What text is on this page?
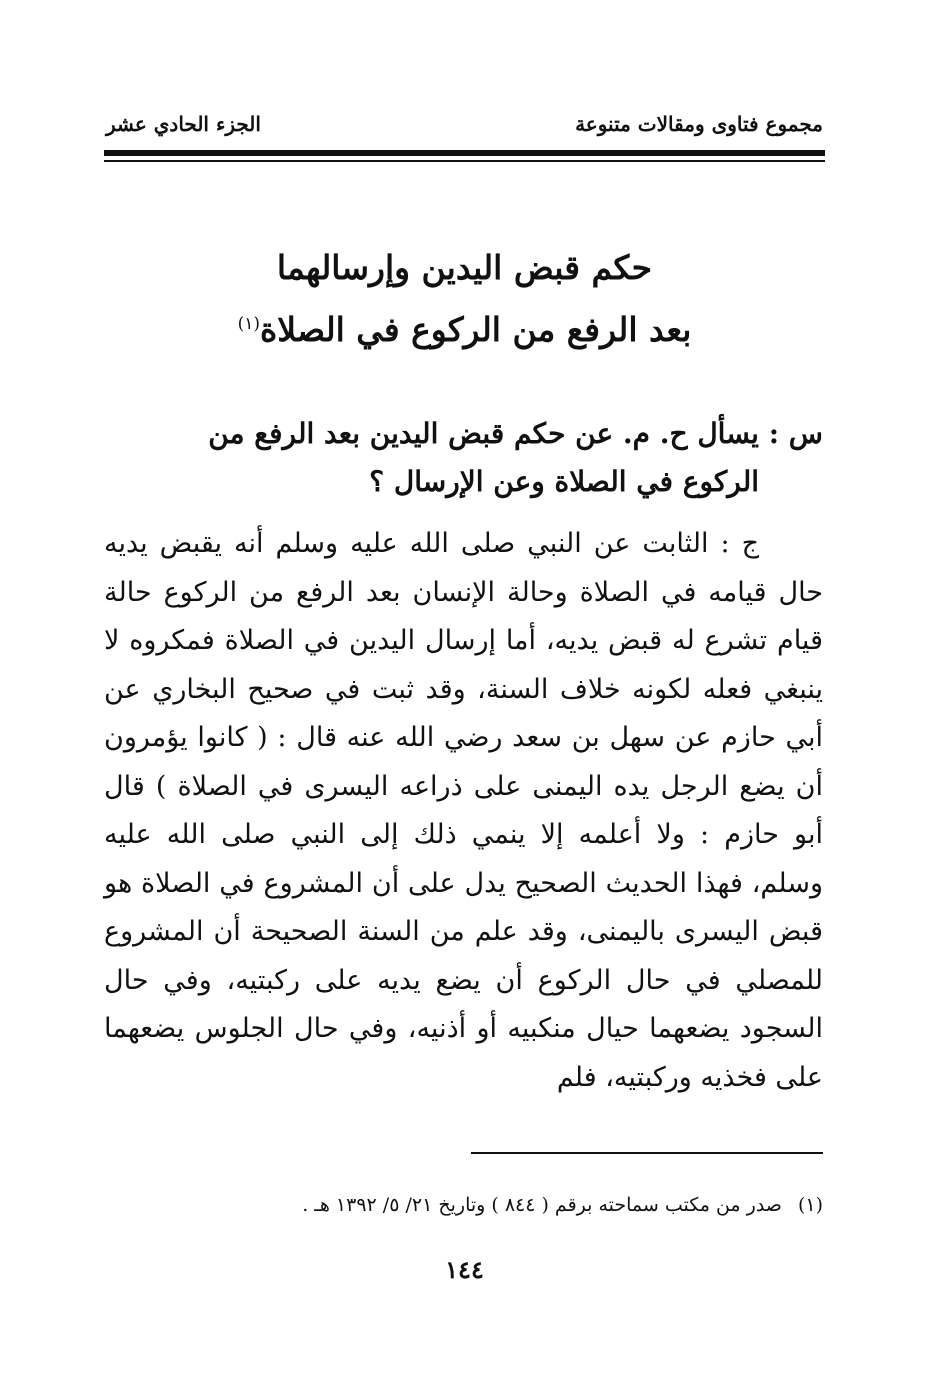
مجموع فتاوى ومقالات متنوعة
الجزء الحادي عشر
حكم قبض اليدين وإرسالهما
بعد الرفع من الركوع في الصلاة$^{(١)}$
س : يسأل ح. م. عن حكم قبض اليدين بعد الرفع من
الركوع في الصلاة وعن الإرسال ؟
ج : الثابت عن النبي صلى الله عليه وسلم أنه يقبض يديه حال قيامه في الصلاة وحالة الإنسان بعد الرفع من الركوع حالة قيام تشرع له قبض يديه، أما إرسال اليدين في الصلاة فمكروه لا ينبغي فعله لكونه خلاف السنة، وقد ثبت في صحيح البخاري عن أبي حازم عن سهل بن سعد رضي الله عنه قال : ( كانوا يؤمرون أن يضع الرجل يده اليمنى على ذراعه اليسرى في الصلاة ) قال أبو حازم : ولا أعلمه إلا ينمي ذلك إلى النبي صلى الله عليه وسلم، فهذا الحديث الصحيح يدل على أن المشروع في الصلاة هو قبض اليسرى باليمنى، وقد علم من السنة الصحيحة أن المشروع للمصلي في حال الركوع أن يضع يديه على ركبتيه، وفي حال السجود يضعهما حيال منكبيه أو أذنيه، وفي حال الجلوس يضعهما على فخذيه وركبتيه، فلم
(١)صدر من مكتب سماحته برقم ( ٨٤٤ ) وتاريخ ٢١/ ٥/ ١٣٩٢ هـ .
١٤٤
